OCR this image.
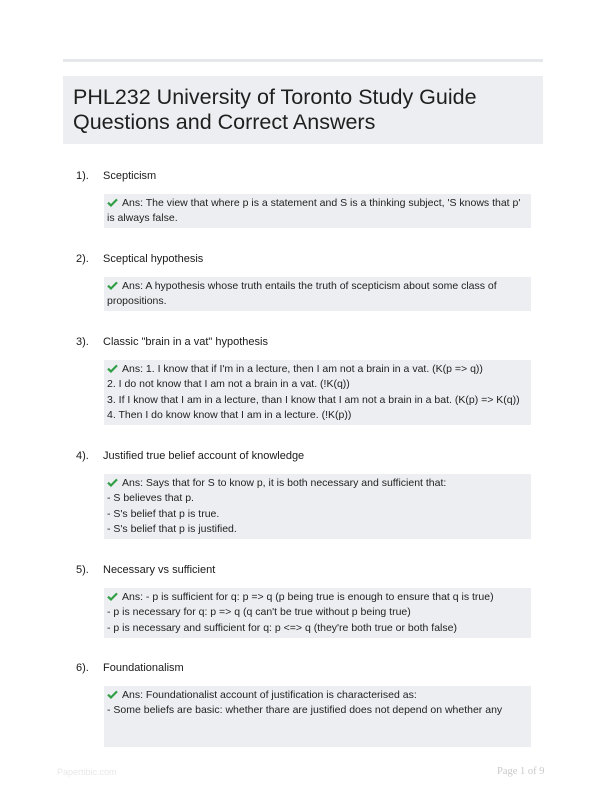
PHL232 University of Toronto Study Guide
Questions and Correct Answers
1). Scepticism
Ans: The view that where p is a statement and S is a thinking subject, 'S knows that p'
is always false.
2). Sceptical hypothesis
Ans: A hypothesis whose truth entails the truth of scepticism about some class of
propositions.
3). Classic "brain in a vat" hypothesis
Ans: 1. I know that if I'm in a lecture, then I am not a brain in a vat. (K(p => q))
2. I do not know that I am not a brain in a vat. (!K(q))
3. If I know that I am in a lecture, than I know that I am not a brain in a bat. (K(p) => K(q))
4. Then I do know know that I am in a lecture. (!K(p))
4). Justified true belief account of knowledge
Ans: Says that for S to know p, it is both necessary and sufficient that:
- S believes that p.
- S's belief that p is true.
- S's belief that p is justified.
5). Necessary vs sufficient
Ans: - p is sufficient for q: p => q (p being true is enough to ensure that q is true)
- p is necessary for q: p => q (q can't be true without p being true)
- p is necessary and sufficient for q: p <=> q (they're both true or both false)
6). Foundationalism
Ans: Foundationalist account of justification is characterised as:
- Some beliefs are basic: whether thare are justified does not depend on whether any
Papertibic.com	Page 1 of 9
